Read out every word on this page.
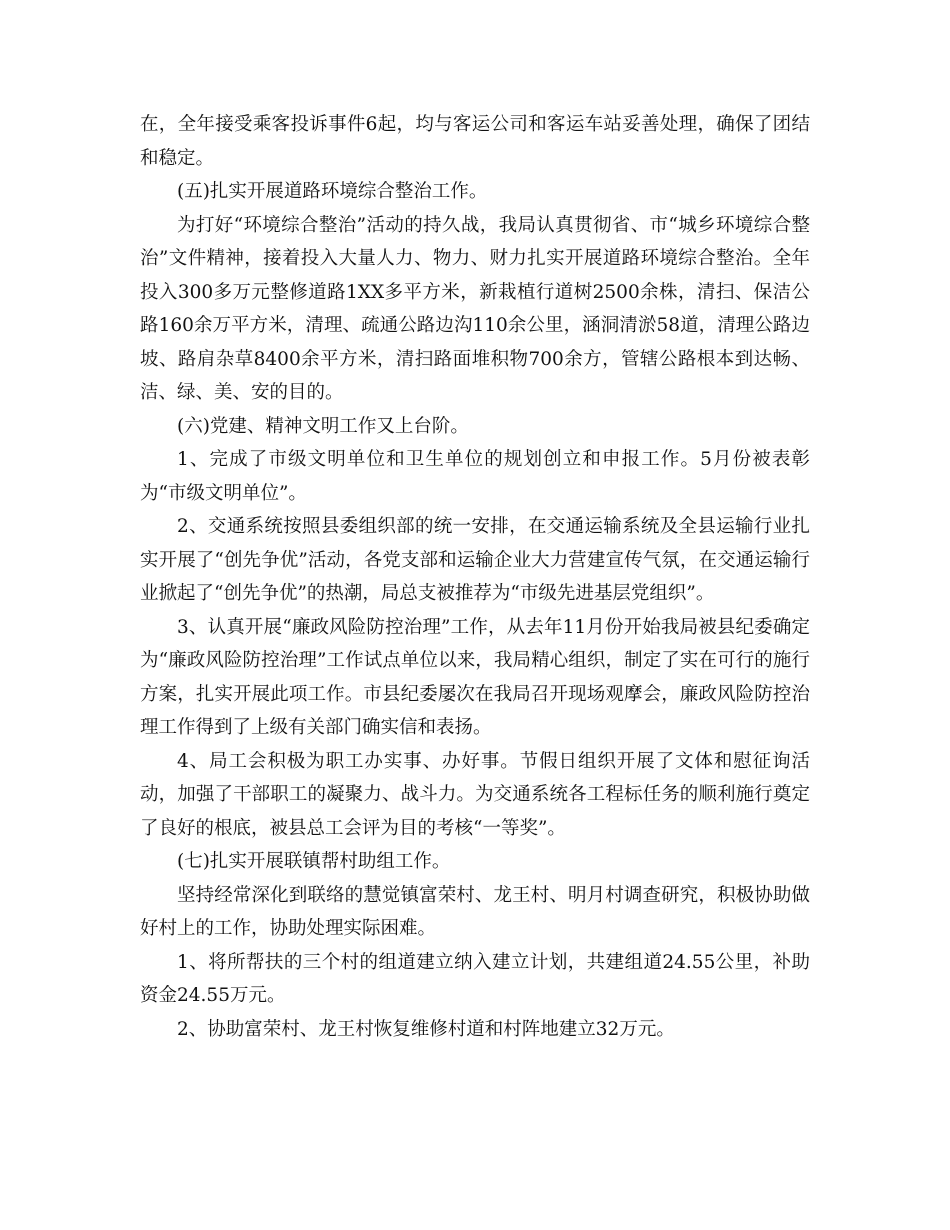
在，全年接受乘客投诉事件6起，均与客运公司和客运车站妥善处理，确保了团结和稳定。

(五)扎实开展道路环境综合整治工作。

为打好“环境综合整治”活动的持久战，我局认真贯彻省、市“城乡环境综合整治”文件精神，接着投入大量人力、物力、财力扎实开展道路环境综合整治。全年投入300多万元整修道路1XX多平方米，新栽植行道树2500余株，清扫、保洁公路160余万平方米，清理、疏通公路边沟110余公里，涵洞清淤58道，清理公路边坡、路肩杂草8400余平方米，清扫路面堆积物700余方，管辖公路根本到达畅、洁、绿、美、安的目的。

(六)党建、精神文明工作又上台阶。

1、完成了市级文明单位和卫生单位的规划创立和申报工作。5月份被表彰为“市级文明单位”。

2、交通系统按照县委组织部的统一安排，在交通运输系统及全县运输行业扎实开展了“创先争优”活动，各党支部和运输企业大力营建宣传气氛，在交通运输行业掀起了“创先争优”的热潮，局总支被推荐为“市级先进基层党组织”。

3、认真开展“廉政风险防控治理”工作，从去年11月份开始我局被县纪委确定为“廉政风险防控治理”工作试点单位以来，我局精心组织，制定了实在可行的施行方案，扎实开展此项工作。市县纪委屡次在我局召开现场观摩会，廉政风险防控治理工作得到了上级有关部门确实信和表扬。

4、局工会积极为职工办实事、办好事。节假日组织开展了文体和慰征询活动，加强了干部职工的凝聚力、战斗力。为交通系统各工程标任务的顺利施行奠定了良好的根底，被县总工会评为目的考核“一等奖”。

(七)扎实开展联镇帮村助组工作。

坚持经常深化到联络的慧觉镇富荣村、龙王村、明月村调查研究，积极协助做好村上的工作，协助处理实际困难。

1、将所帮扶的三个村的组道建立纳入建立计划，共建组道24.55公里，补助资金24.55万元。

2、协助富荣村、龙王村恢复维修村道和村阵地建立32万元。
